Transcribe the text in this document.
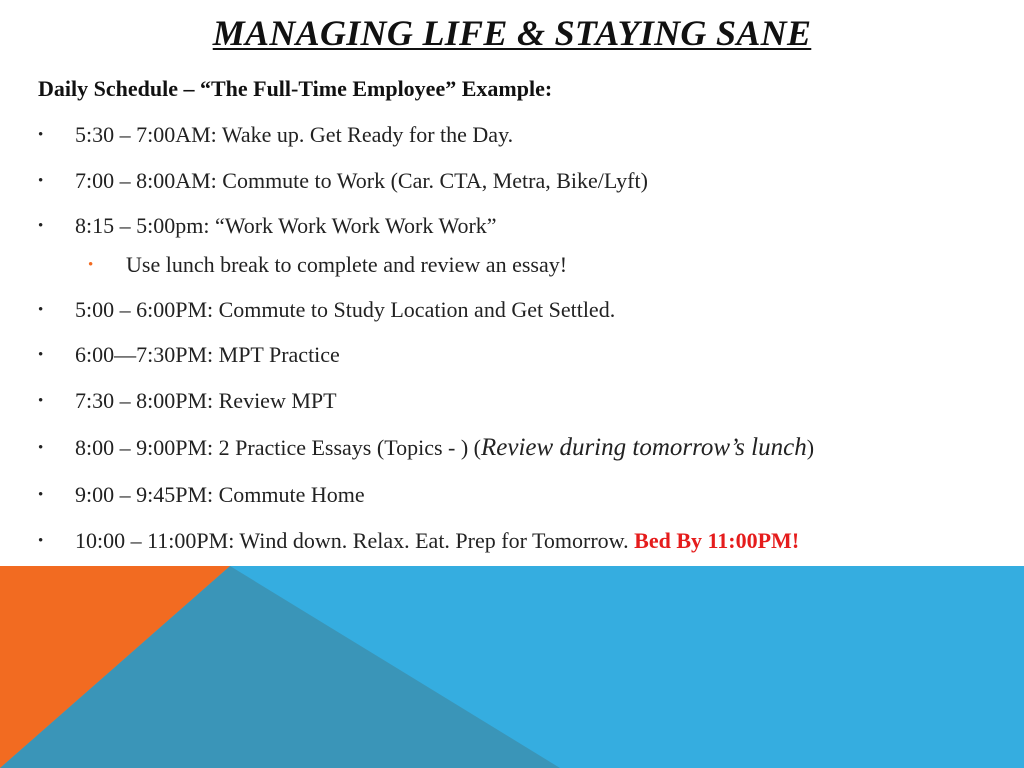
MANAGING LIFE & STAYING SANE
Daily Schedule – “The Full-Time Employee” Example:
• 5:30 – 7:00AM: Wake up. Get Ready for the Day.
• 7:00 – 8:00AM: Commute to Work (Car. CTA, Metra, Bike/Lyft)
• 8:15 – 5:00pm: “Work Work Work Work Work”
• Use lunch break to complete and review an essay!
• 5:00 – 6:00PM: Commute to Study Location and Get Settled.
• 6:00—7:30PM: MPT Practice
• 7:30 – 8:00PM: Review MPT
• 8:00 – 9:00PM: 2 Practice Essays (Topics - ) (Review during tomorrow’s lunch)
• 9:00 – 9:45PM: Commute Home
• 10:00 – 11:00PM: Wind down. Relax. Eat. Prep for Tomorrow. Bed By 11:00PM!
